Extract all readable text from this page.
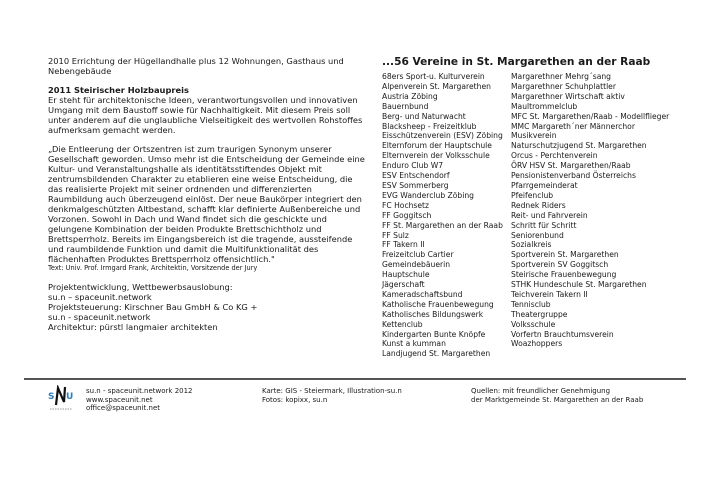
2010 Errichtung der Hügellandhalle plus 12 Wohnungen, Gasthaus und Nebengebäude

2011 Steirischer Holzbaupreis

Er steht für architektonische Ideen, verantwortungsvollen und innovativen Umgang mit dem Baustoff sowie für Nachhaltigkeit. Mit diesem Preis soll unter anderem auf die unglaubliche Vielseitigkeit des wertvollen Rohstoffes aufmerksam gemacht werden.

„Die Entleerung der Ortszentren ist zum traurigen Synonym unserer Gesellschaft geworden. Umso mehr ist die Entscheidung der Gemeinde eine Kultur- und Veranstaltungshalle als identitätsstiftendes Objekt mit zentrumsbildenden Charakter zu etablieren eine weise Entscheidung, die das realisierte Projekt mit seiner ordnenden und differenzierten Raumbildung auch überzeugend einlöst. Der neue Baukörper integriert den denkmalgeschützten Altbestand, schafft klar definierte Außenbereiche und Vorzonen. Sowohl in Dach und Wand findet sich die geschickte und gelungene Kombination der beiden Produkte Brettschichtholz und Brettsperrholz. Bereits im Eingangsbereich ist die tragende, aussteifende und raumbildende Funktion und damit die Multifunktionalität des flächenhaften Produktes Brettsperrholz offensichtlich."

Text: Univ. Prof. Irmgard Frank, Architektin, Vorsitzende der Jury

Projektentwicklung, Wettbewerbsauslobung:

su.n – spaceunit.network

Projektsteuerung: Kirschner Bau GmbH & Co KG +

su.n - spaceunit.network

Architektur: pürstl langmaier architekten

...56 Vereine in St. Margarethen an der Raab
68ers Sport-u. Kulturverein
Alpenverein St. Margarethen
Austria Zöbing
Bauernbund
Berg- und Naturwacht
Blacksheep - Freizeitklub
Eisschützenverein (ESV) Zöbing
Elternforum der Hauptschule
Elternverein der Volksschule
Enduro Club W7
ESV Entschendorf
ESV Sommerberg
EVG Wanderclub Zöbing
FC Hochsetz
FF Goggitsch
FF St. Margarethen an der Raab
FF Sulz
FF Takern II
Freizeitclub Cartier
Gemeindebäuerin
Hauptschule
Jägerschaft
Kameradschaftsbund
Katholische Frauenbewegung
Katholisches Bildungswerk
Kettenclub
Kindergarten Bunte Knöpfe
Kunst a kumman
Landjugend St. Margarethen
Margarethner Mehrg´sang
Margarethner Schuhplattler
Margarethner Wirtschaft aktiv
Maultrommelclub
MFC St. Margarethen/Raab - Modellflieger
MMC Margareth´ner Männerchor
Musikverein
Naturschutzjugend St. Margarethen
Orcus - Perchtenverein
ÖRV HSV St. Margarethen/Raab
Pensionistenverband Österreichs
Pfarrgemeinderat
Pfeifenclub
Rednek Riders
Reit- und Fahrverein
Schritt für Schritt
Seniorenbund
Sozialkreis
Sportverein St. Margarethen
Sportverein SV Goggitsch
Steirische Frauenbewegung
STHK Hundeschule St. Margarethen
Teichverein Takern II
Tennisclub
Theatergruppe
Volksschule
Vorfertn Brauchtumsverein
Woazhoppers
S U
su.n - spaceunit.network 2012
www.spaceunit.net
office@spaceunit.net
Karte: GIS - Steiermark, Illustration-su.n
Fotos: kopixx, su.n
Quellen: mit freundlicher Genehmigung
der Marktgemeinde St. Margarethen an der Raab
